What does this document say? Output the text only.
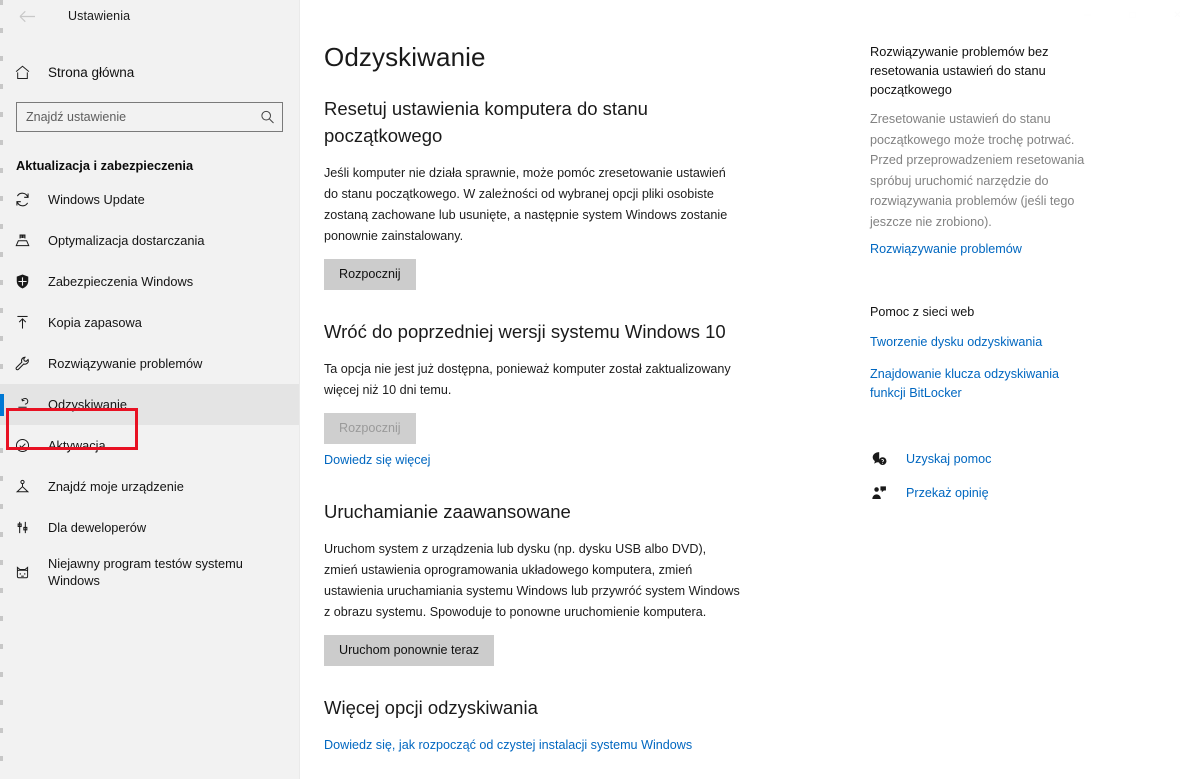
Ustawienia
Strona główna
Znajdź ustawienie
Aktualizacja i zabezpieczenia
Windows Update
Optymalizacja dostarczania
Zabezpieczenia Windows
Kopia zapasowa
Rozwiązywanie problemów
Odzyskiwanie
Aktywacja
Znajdź moje urządzenie
Dla deweloperów
Niejawny program testów systemu Windows
─	□	✕
Odzyskiwanie
Resetuj ustawienia komputera do stanu początkowego

Jeśli komputer nie działa sprawnie, może pomóc zresetowanie ustawień do stanu początkowego. W zależności od wybranej opcji pliki osobiste zostaną zachowane lub usunięte, a następnie system Windows zostanie ponownie zainstalowany.

Rozpocznij
Wróć do poprzedniej wersji systemu Windows 10

Ta opcja nie jest już dostępna, ponieważ komputer został zaktualizowany więcej niż 10 dni temu.

Rozpocznij
Dowiedz się więcej
Uruchamianie zaawansowane

Uruchom system z urządzenia lub dysku (np. dysku USB albo DVD), zmień ustawienia oprogramowania układowego komputera, zmień ustawienia uruchamiania systemu Windows lub przywróć system Windows z obrazu systemu. Spowoduje to ponowne uruchomienie komputera.

Uruchom ponownie teraz
Więcej opcji odzyskiwania
Dowiedz się, jak rozpocząć od czystej instalacji systemu Windows
Rozwiązywanie problemów bez resetowania ustawień do stanu początkowego
Zresetowanie ustawień do stanu początkowego może trochę potrwać. Przed przeprowadzeniem resetowania spróbuj uruchomić narzędzie do rozwiązywania problemów (jeśli tego jeszcze nie zrobiono).
Rozwiązywanie problemów
Pomoc z sieci web
Tworzenie dysku odzyskiwania
Znajdowanie klucza odzyskiwania funkcji BitLocker
Uzyskaj pomoc
Przekaż opinię
